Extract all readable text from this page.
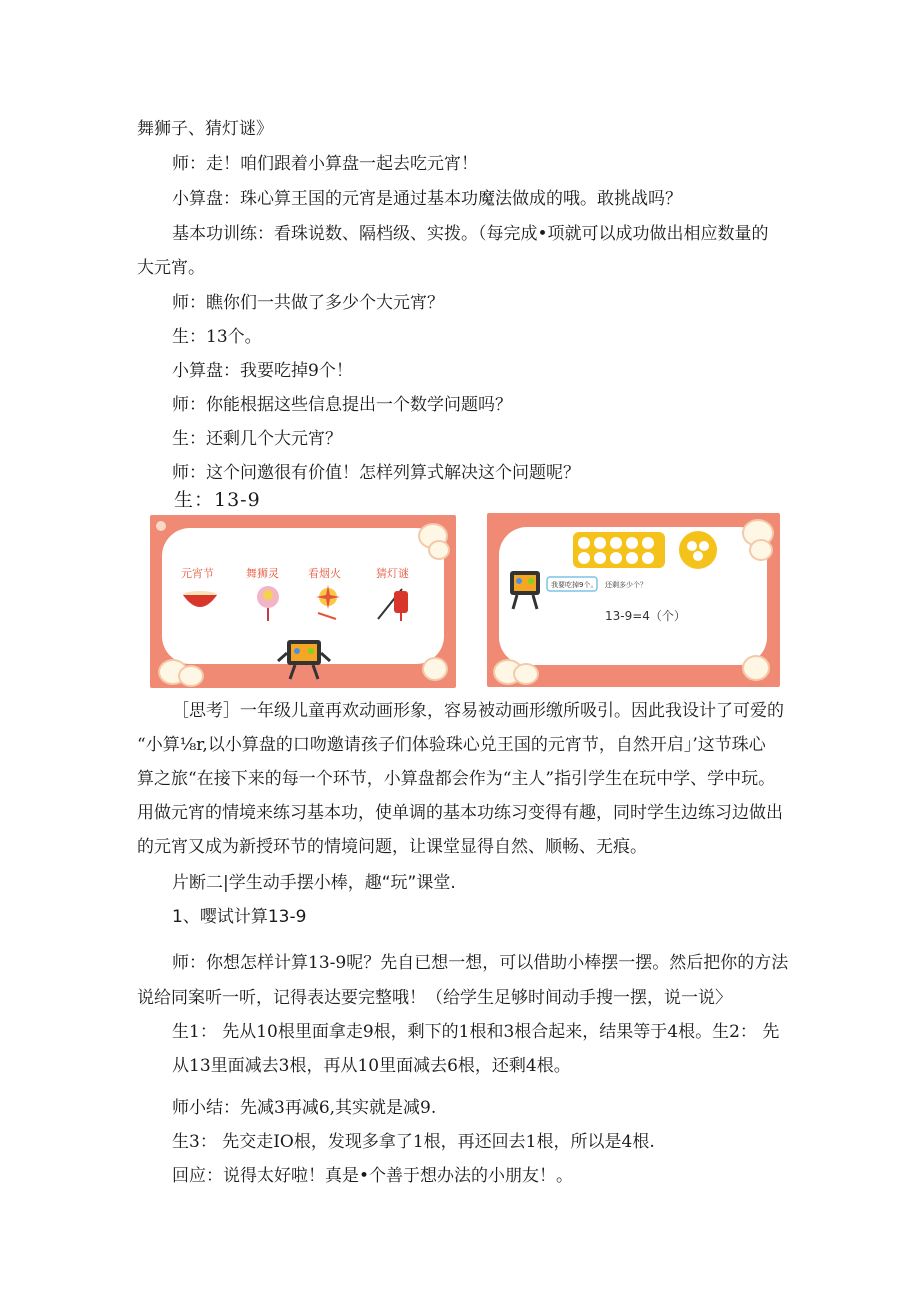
舞狮子、猜灯谜》
师：走！咱们跟着小算盘一起去吃元宵！
小算盘：珠心算王国的元宵是通过基本功魔法做成的哦。敢挑战吗？
基本功训练：看珠说数、隔档级、实拨。（每完成•项就可以成功做出相应数量的
大元宵。
师：瞧你们一共做了多少个大元宵？
生：13个。
小算盘：我要吃掉9个！
师：你能根据这些信息提出一个数学问题吗？
生：还剩几个大元宵？
师：这个问邀很有价值！怎样列算式解决这个问题呢？
生：13-9
元宵节	舞狮灵	看烟火	猜灯谜
我要吃掉9个。 还剩多少个？
13-9=4（个）
［思考］一年级儿童再欢动画形象，容易被动画形缴所吸引。因此我设计了可爱的
“小算⅛r,以小算盘的口吻邀请孩子们体验珠心兑王国的元宵节，自然开启」’这节珠心
算之旅“在接下来的每一个环节，小算盘都会作为“主人”指引学生在玩中学、学中玩。
用做元宵的情境来练习基本功，使单调的基本功练习变得有趣，同时学生边练习边做出
的元宵又成为新授环节的情境问题，让课堂显得自然、顺畅、无痕。
片断二|学生动手摆小棒，趣“玩”课堂.
1、嘤试计算13-9
师：你想怎样计算13-9呢？先自已想一想，可以借助小棒摆一摆。然后把你的方法
说给同案听一听，记得表达要完整哦！（给学生足够时间动手搜一摆，说一说〉
生1： 先从10根里面拿走9根，剩下的1根和3根合起来，结果等于4根。生2： 先
从13里面减去3根，再从10里面减去6根，还剩4根。
师小结：先减3再减6,其实就是减9.
生3： 先交走IO根，发现多拿了1根，再还回去1根，所以是4根.
回应：说得太好啦！真是•个善于想办法的小朋友！。
